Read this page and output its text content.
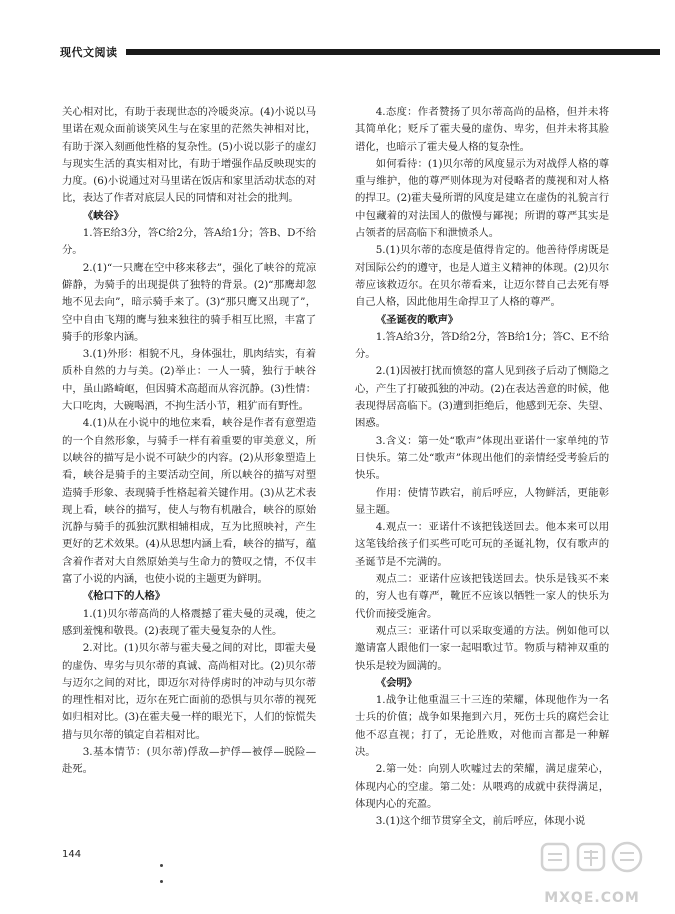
现代文阅读

关心相对比，有助于表现世态的冷暖炎凉。(4)小说以马里诺在观众面前谈笑风生与在家里的茫然失神相对比，有助于深入刻画他性格的复杂性。(5)小说以影子的虚幻与现实生活的真实相对比，有助于增强作品反映现实的力度。(6)小说通过对马里诺在饭店和家里活动状态的对比，表达了作者对底层人民的同情和对社会的批判。

《峡谷》

1.答E给3分，答C给2分，答A给1分；答B、D不给分。

2.(1)“一只鹰在空中移来移去”，强化了峡谷的荒凉僻静，为骑手的出现提供了独特的背景。(2)“那鹰却忽地不见去向”，暗示骑手来了。(3)“那只鹰又出现了”，空中自由飞翔的鹰与独来独往的骑手相互比照，丰富了骑手的形象内涵。

3.(1)外形：相貌不凡，身体强壮，肌肉结实，有着质朴自然的力与美。(2)举止：一人一骑，独行于峡谷中，虽山路崎岖，但因骑术高超而从容沉静。(3)性情：大口吃肉，大碗喝酒，不拘生活小节，粗犷而有野性。

4.(1)从在小说中的地位来看，峡谷是作者有意塑造的一个自然形象，与骑手一样有着重要的审美意义，所以峡谷的描写是小说不可缺少的内容。(2)从形象塑造上看，峡谷是骑手的主要活动空间，所以峡谷的描写对塑造骑手形象、表现骑手性格起着关键作用。(3)从艺术表现上看，峡谷的描写，使人与物有机融合，峡谷的原始沉静与骑手的孤独沉默相辅相成，互为比照映衬，产生更好的艺术效果。(4)从思想内涵上看，峡谷的描写，蕴含着作者对大自然原始美与生命力的赞叹之情，不仅丰富了小说的内涵，也使小说的主题更为鲜明。

《枪口下的人格》

1.(1)贝尔蒂高尚的人格震撼了霍夫曼的灵魂，使之感到羞愧和敬畏。(2)表现了霍夫曼复杂的人性。

2.对比。(1)贝尔蒂与霍夫曼之间的对比，即霍夫曼的虚伪、卑劣与贝尔蒂的真诚、高尚相对比。(2)贝尔蒂与迈尔之间的对比，即迈尔对待俘虏时的冲动与贝尔蒂的理性相对比，迈尔在死亡面前的恐惧与贝尔蒂的视死如归相对比。(3)在霍夫曼一样的眼光下，人们的惊慌失措与贝尔蒂的镇定自若相对比。

3.基本情节：(贝尔蒂)俘敌—护俘—被俘—脱险—赴死。

4.态度：作者赞扬了贝尔蒂高尚的品格，但并未将其简单化；贬斥了霍夫曼的虚伪、卑劣，但并未将其脸谱化，也暗示了霍夫曼人格的复杂性。

如何看待：(1)贝尔蒂的风度显示为对战俘人格的尊重与维护，他的尊严则体现为对侵略者的蔑视和对人格的捍卫。(2)霍夫曼所谓的风度是建立在虚伪的礼貌言行中包藏着的对法国人的傲慢与鄙视；所谓的尊严其实是占领者的居高临下和泄愤杀人。

5.(1)贝尔蒂的态度是值得肯定的。他善待俘虏既是对国际公约的遵守，也是人道主义精神的体现。(2)贝尔蒂应该救迈尔。在贝尔蒂看来，让迈尔替自己去死有辱自己人格，因此他用生命捍卫了人格的尊严。

《圣诞夜的歌声》

1.答A给3分，答D给2分，答B给1分；答C、E不给分。

2.(1)因被打扰而愤怒的富人见到孩子后动了恻隐之心，产生了打破孤独的冲动。(2)在表达善意的时候，他表现得居高临下。(3)遭到拒绝后，他感到无奈、失望、困惑。

3.含义：第一处“歌声”体现出亚诺什一家单纯的节日快乐。第二处“歌声”体现出他们的亲情经受考验后的快乐。

作用：使情节跌宕，前后呼应，人物鲜活，更能彰显主题。

4.观点一：亚诺什不该把钱送回去。他本来可以用这笔钱给孩子们买些可吃可玩的圣诞礼物，仅有歌声的圣诞节是不完满的。

观点二：亚诺什应该把钱送回去。快乐是钱买不来的，穷人也有尊严，靴匠不应该以牺牲一家人的快乐为代价而接受施舍。

观点三：亚诺什可以采取变通的方法。例如他可以邀请富人跟他们一家一起唱歌过节。物质与精神双重的快乐是较为圆满的。

《会明》

1.战争让他重温三十三连的荣耀，体现他作为一名士兵的价值；战争如果拖到六月，死伤士兵的腐烂会让他不忍直视；打了，无论胜败，对他而言都是一种解决。

2.第一处：向别人吹嘘过去的荣耀，满足虚荣心，体现内心的空虚。第二处：从喂鸡的成就中获得满足，体现内心的充盈。

3.(1)这个细节贯穿全文，前后呼应，体现小说

144
MXQE.COM
